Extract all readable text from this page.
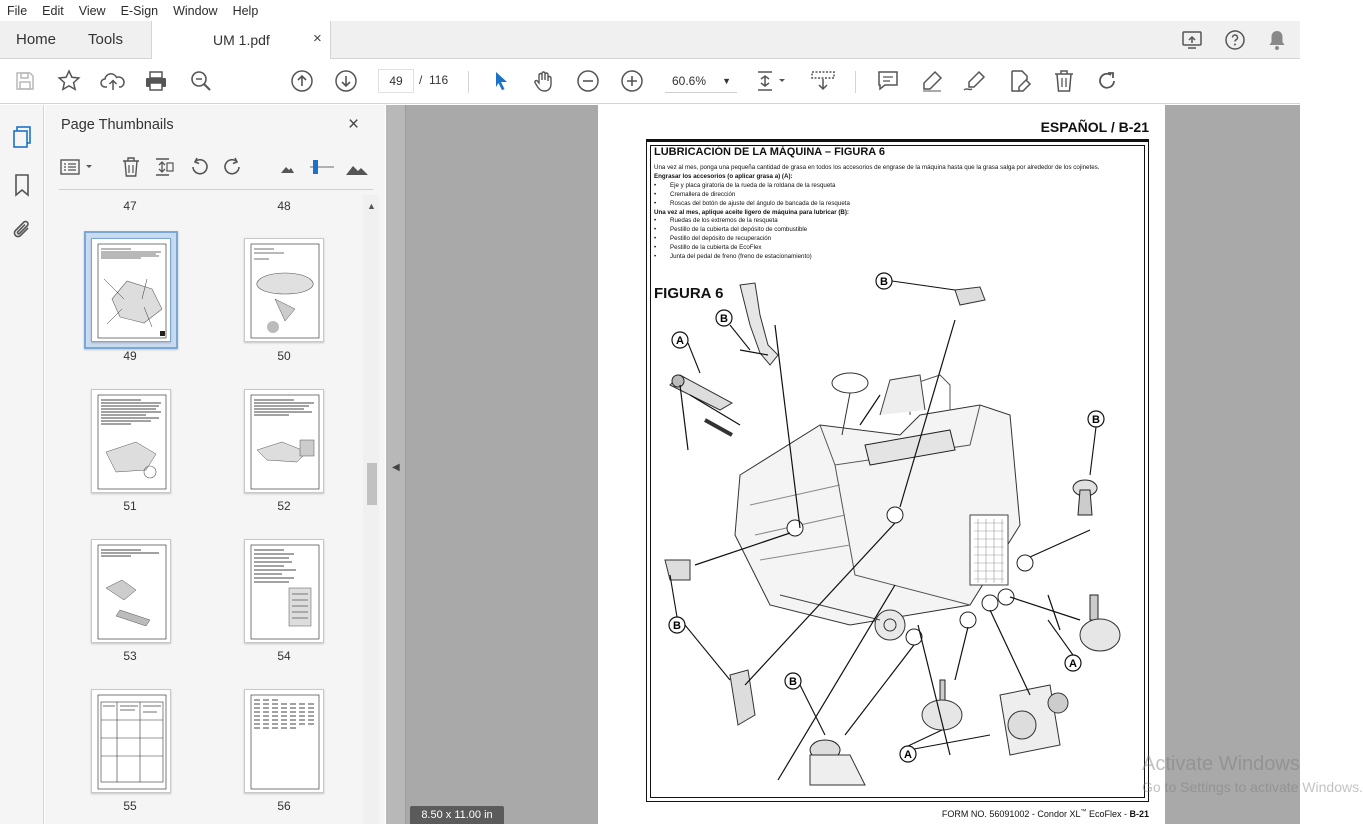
File	Edit	View	E-Sign	Window	Help
Home Tools	UM 1.pdf	×
49	/ 116	60.6% ▼
Page Thumbnails	×
47	48
49	50
51	52
53	54
55	56
▲
◀
ESPAÑOL / B-21
LUBRICACIÓN DE LA MÁQUINA – FIGURA 6
Una vez al mes, ponga una pequeña cantidad de grasa en todos los accesorios de engrase de la máquina hasta que la grasa salga por alrededor de los cojinetes.
Engrasar los accesorios (o aplicar grasa a) (A):
•	Eje y placa giratoria de la rueda de la roldana de la resqueta
•	Cremallera de dirección
•	Roscas del botón de ajuste del ángulo de bancada de la resqueta
Una vez al mes, aplique aceite ligero de máquina para lubricar (B):
•	Ruedas de los extremos de la resqueta
•	Pestillo de la cubierta del depósito de combustible
•	Pestillo del depósito de recuperación
•	Pestillo de la cubierta de EcoFlex
•	Junta del pedal de freno (freno de estacionamiento)
FIGURA 6
A
B
B
B
B
B
A
A
FORM NO. 56091002 - Condor XL™ EcoFlex - B-21
8.50 x 11.00 in
Activate Windows
Go to Settings to activate Windows.
